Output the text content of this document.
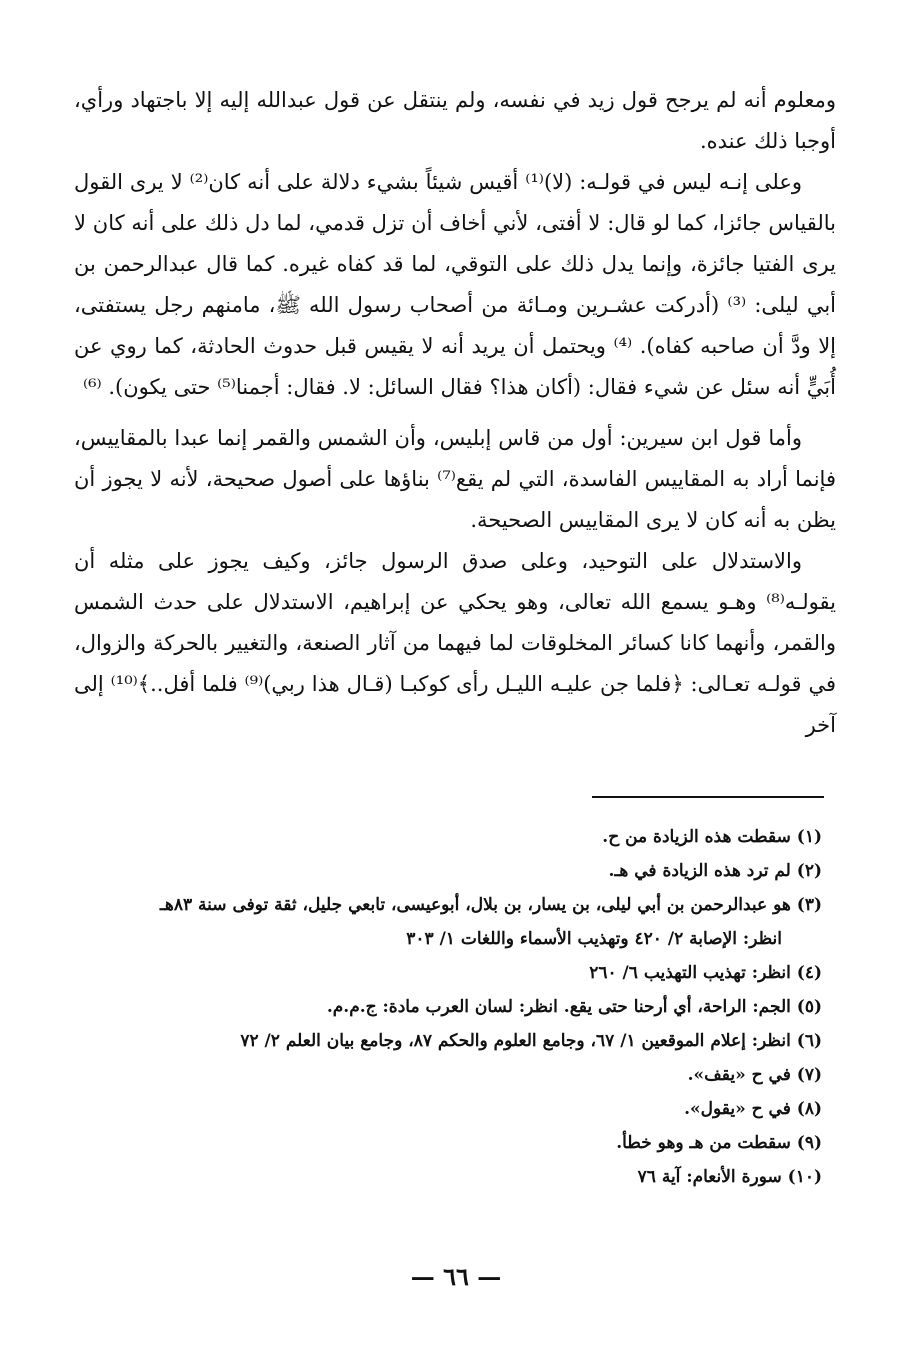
ومعلوم أنه لم يرجح قول زيد في نفسه، ولم ينتقل عن قول عبدالله إليه إلا باجتهاد ورأي، أوجبا ذلك عنده.

وعلى إنـه ليس في قولـه: (لا)⁽¹⁾ أقيس شيئاً بشيء دلالة على أنه كان⁽²⁾ لا يرى القول بالقياس جائزا، كما لو قال: لا أفتى، لأني أخاف أن تزل قدمي، لما دل ذلك على أنه كان لا يرى الفتيا جائزة، وإنما يدل ذلك على التوقي، لما قد كفاه غيره. كما قال عبدالرحمن بن أبي ليلى: ⁽³⁾ (أدركت عشـرين ومـائة من أصحاب رسول الله ﷺ، مامنهم رجل يستفتى، إلا ودَّ أن صاحبه كفاه). ⁽⁴⁾ ويحتمل أن يريد أنه لا يقيس قبل حدوث الحادثة، كما روي عن أُبَيٍّ أنه سئل عن شيء فقال: (أكان هذا؟ فقال السائل: لا. فقال: أجمنا⁽⁵⁾ حتى يكون). ⁽⁶⁾

وأما قول ابن سيرين: أول من قاس إبليس، وأن الشمس والقمر إنما عبدا بالمقاييس، فإنما أراد به المقاييس الفاسدة، التي لم يقع⁽⁷⁾ بناؤها على أصول صحيحة، لأنه لا يجوز أن يظن به أنه كان لا يرى المقاييس الصحيحة.

والاستدلال على التوحيد، وعلى صدق الرسول جائز، وكيف يجوز على مثله أن يقولـه⁽⁸⁾ وهـو يسمع الله تعالى، وهو يحكي عن إبراهيم، الاستدلال على حدث الشمس والقمر، وأنهما كانا كسائر المخلوقات لما فيهما من آثار الصنعة، والتغيير بالحركة والزوال، في قولـه تعـالى: ﴿فلما جن عليـه الليـل رأى كوكبـا (قـال هذا ربي)⁽⁹⁾ فلما أفل..﴾⁽¹⁰⁾ إلى آخر

(١) سقطت هذه الزيادة من ح.

(٢) لم ترد هذه الزيادة في هـ.

(٣) هو عبدالرحمن بن أبي ليلى، بن يسار، بن بلال، أبوعيسى، تابعي جليل، ثقة توفى سنة ٨٣هـ

انظر: الإصابة ٢/ ٤٢٠ وتهذيب الأسماء واللغات ١/ ٣٠٣

(٤) انظر: تهذيب التهذيب ٦/ ٢٦٠

(٥) الجم: الراحة، أي أرحنا حتى يقع. انظر: لسان العرب مادة: ج.م.م.

(٦) انظر: إعلام الموقعين ١/ ٦٧، وجامع العلوم والحكم ٨٧، وجامع بيان العلم ٢/ ٧٢

(٧) في ح «يقف».

(٨) في ح «يقول».

(٩) سقطت من هـ وهو خطأ.

(١٠) سورة الأنعام: آية ٧٦

— ٦٦ —
